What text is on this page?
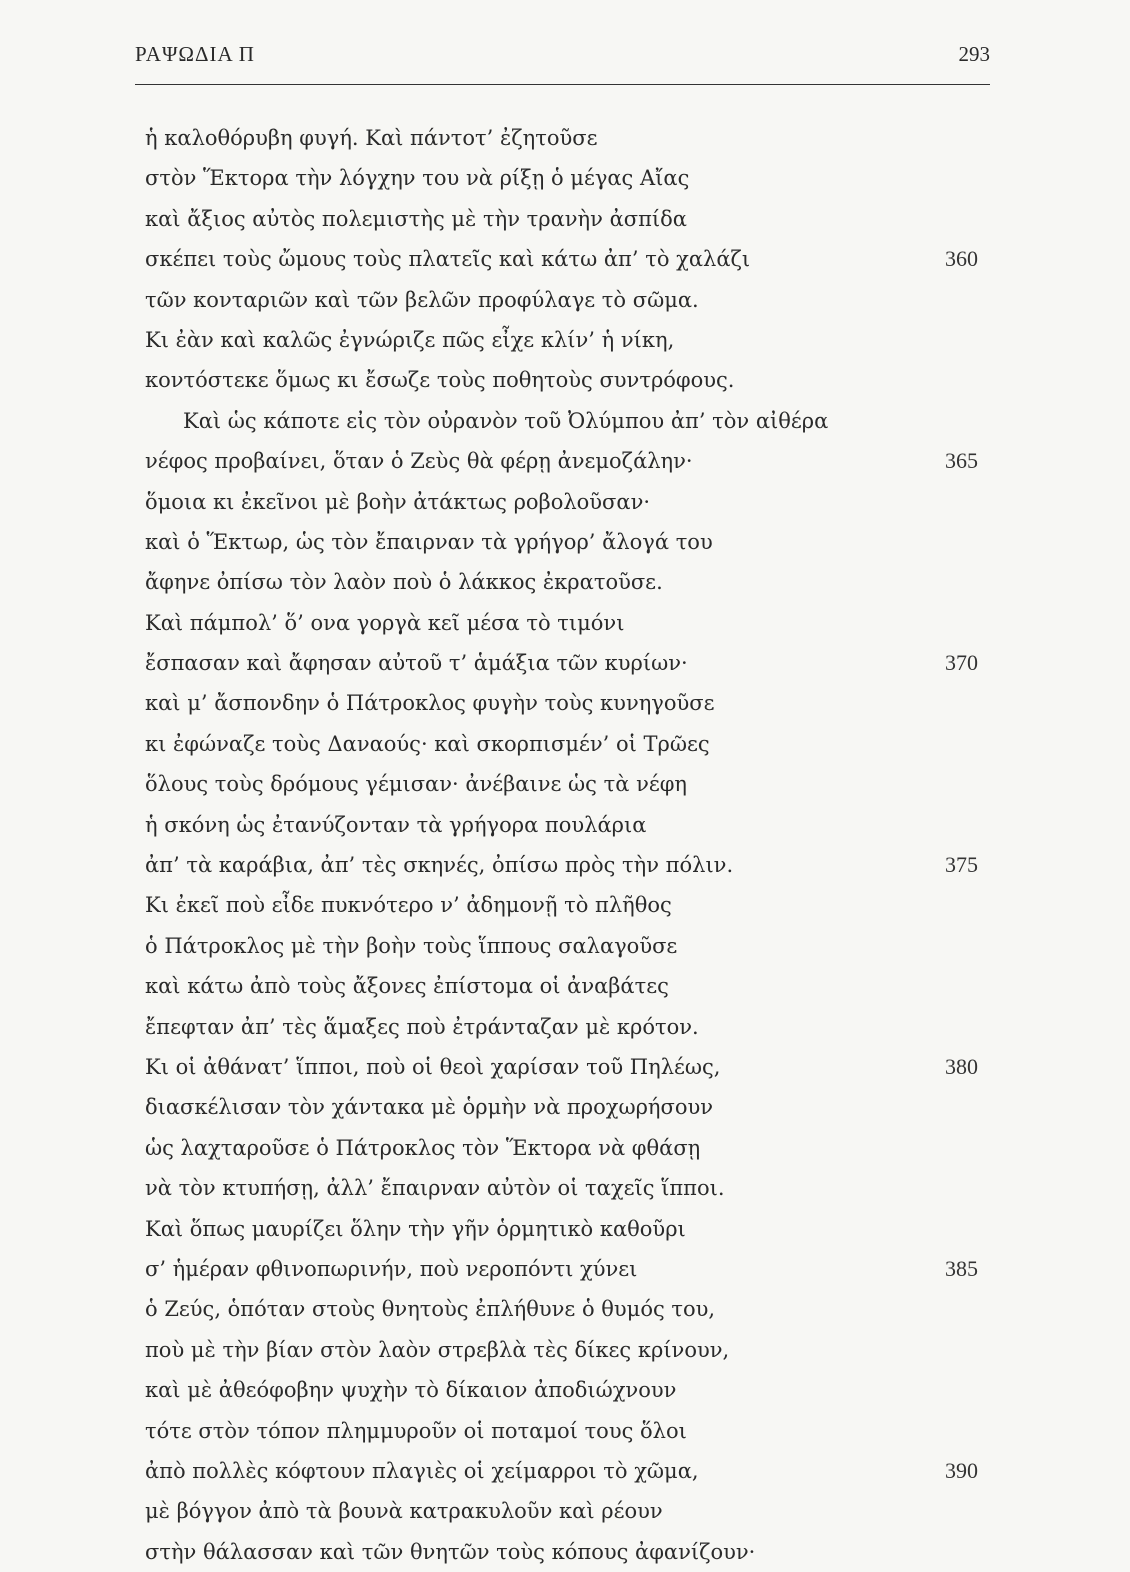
ΡΑΨΩΔΙΑ Π	293
ἡ καλοθόρυβη φυγή. Καὶ πάντοτ’ ἐζητοῦσε
στὸν Ἕκτορα τὴν λόγχην του νὰ ρίξῃ ὁ μέγας Αἴας
καὶ ἄξιος αὐτὸς πολεμιστὴς μὲ τὴν τρανὴν ἀσπίδα
σκέπει τοὺς ὤμους τοὺς πλατεῖς καὶ κάτω ἀπ’ τὸ χαλάζι	360
τῶν κονταριῶν καὶ τῶν βελῶν προφύλαγε τὸ σῶμα.
Κι ἐὰν καὶ καλῶς ἐγνώριζε πῶς εἶχε κλίν’ ἡ νίκη,
κοντόστεκε ὅμως κι ἔσωζε τοὺς ποθητοὺς συντρόφους.
Καὶ ὡς κάποτε εἰς τὸν οὐρανὸν τοῦ Ὀλύμπου ἀπ’ τὸν αἰθέρα
νέφος προβαίνει, ὅταν ὁ Ζεὺς θὰ φέρῃ ἀνεμοζάλην·	365
ὅμοια κι ἐκεῖνοι μὲ βοὴν ἀτάκτως ροβολοῦσαν·
καὶ ὁ Ἕκτωρ, ὡς τὸν ἔπαιρναν τὰ γρήγορ’ ἄλογά του
ἄφηνε ὀπίσω τὸν λαὸν ποὺ ὁ λάκκος ἐκρατοῦσε.
Καὶ πάμπολ’ ὅ’ ονα γοργὰ κεῖ μέσα τὸ τιμόνι
ἔσπασαν καὶ ἄφησαν αὐτοῦ τ’ ἁμάξια τῶν κυρίων·	370
καὶ μ’ ἄσπονδην ὁ Πάτροκλος φυγὴν τοὺς κυνηγοῦσε
κι ἐφώναζε τοὺς Δαναούς· καὶ σκορπισμέν’ οἱ Τρῶες
ὅλους τοὺς δρόμους γέμισαν· ἀνέβαινε ὡς τὰ νέφη
ἡ σκόνη ὡς ἐτανύζονταν τὰ γρήγορα πουλάρια
ἀπ’ τὰ καράβια, ἀπ’ τὲς σκηνές, ὀπίσω πρὸς τὴν πόλιν.	375
Κι ἐκεῖ ποὺ εἶδε πυκνότερο ν’ ἀδημονῇ τὸ πλῆθος
ὁ Πάτροκλος μὲ τὴν βοὴν τοὺς ἵππους σαλαγοῦσε
καὶ κάτω ἀπὸ τοὺς ἄξονες ἐπίστομα οἱ ἀναβάτες
ἔπεφταν ἀπ’ τὲς ἅμαξες ποὺ ἐτράνταζαν μὲ κρότον.
Κι οἱ ἀθάνατ’ ἵπποι, ποὺ οἱ θεοὶ χαρίσαν τοῦ Πηλέως,	380
διασκέλισαν τὸν χάντακα μὲ ὁρμὴν νὰ προχωρήσουν
ὡς λαχταροῦσε ὁ Πάτροκλος τὸν Ἕκτορα νὰ φθάσῃ
νὰ τὸν κτυπήσῃ, ἀλλ’ ἔπαιρναν αὐτὸν οἱ ταχεῖς ἵπποι.
Καὶ ὅπως μαυρίζει ὅλην τὴν γῆν ὁρμητικὸ καθοῦρι
σ’ ἡμέραν φθινοπωρινήν, ποὺ νεροπόντι χύνει	385
ὁ Ζεύς, ὁπόταν στοὺς θνητοὺς ἐπλήθυνε ὁ θυμός του,
ποὺ μὲ τὴν βίαν στὸν λαὸν στρεβλὰ τὲς δίκες κρίνουν,
καὶ μὲ ἀθεόφοβην ψυχὴν τὸ δίκαιον ἀποδιώχνουν
τότε στὸν τόπον πλημμυροῦν οἱ ποταμοί τους ὅλοι
ἀπὸ πολλὲς κόφτουν πλαγιὲς οἱ χείμαρροι τὸ χῶμα,	390
μὲ βόγγον ἀπὸ τὰ βουνὰ κατρακυλοῦν καὶ ρέουν
στὴν θάλασσαν καὶ τῶν θνητῶν τοὺς κόπους ἀφανίζουν·
